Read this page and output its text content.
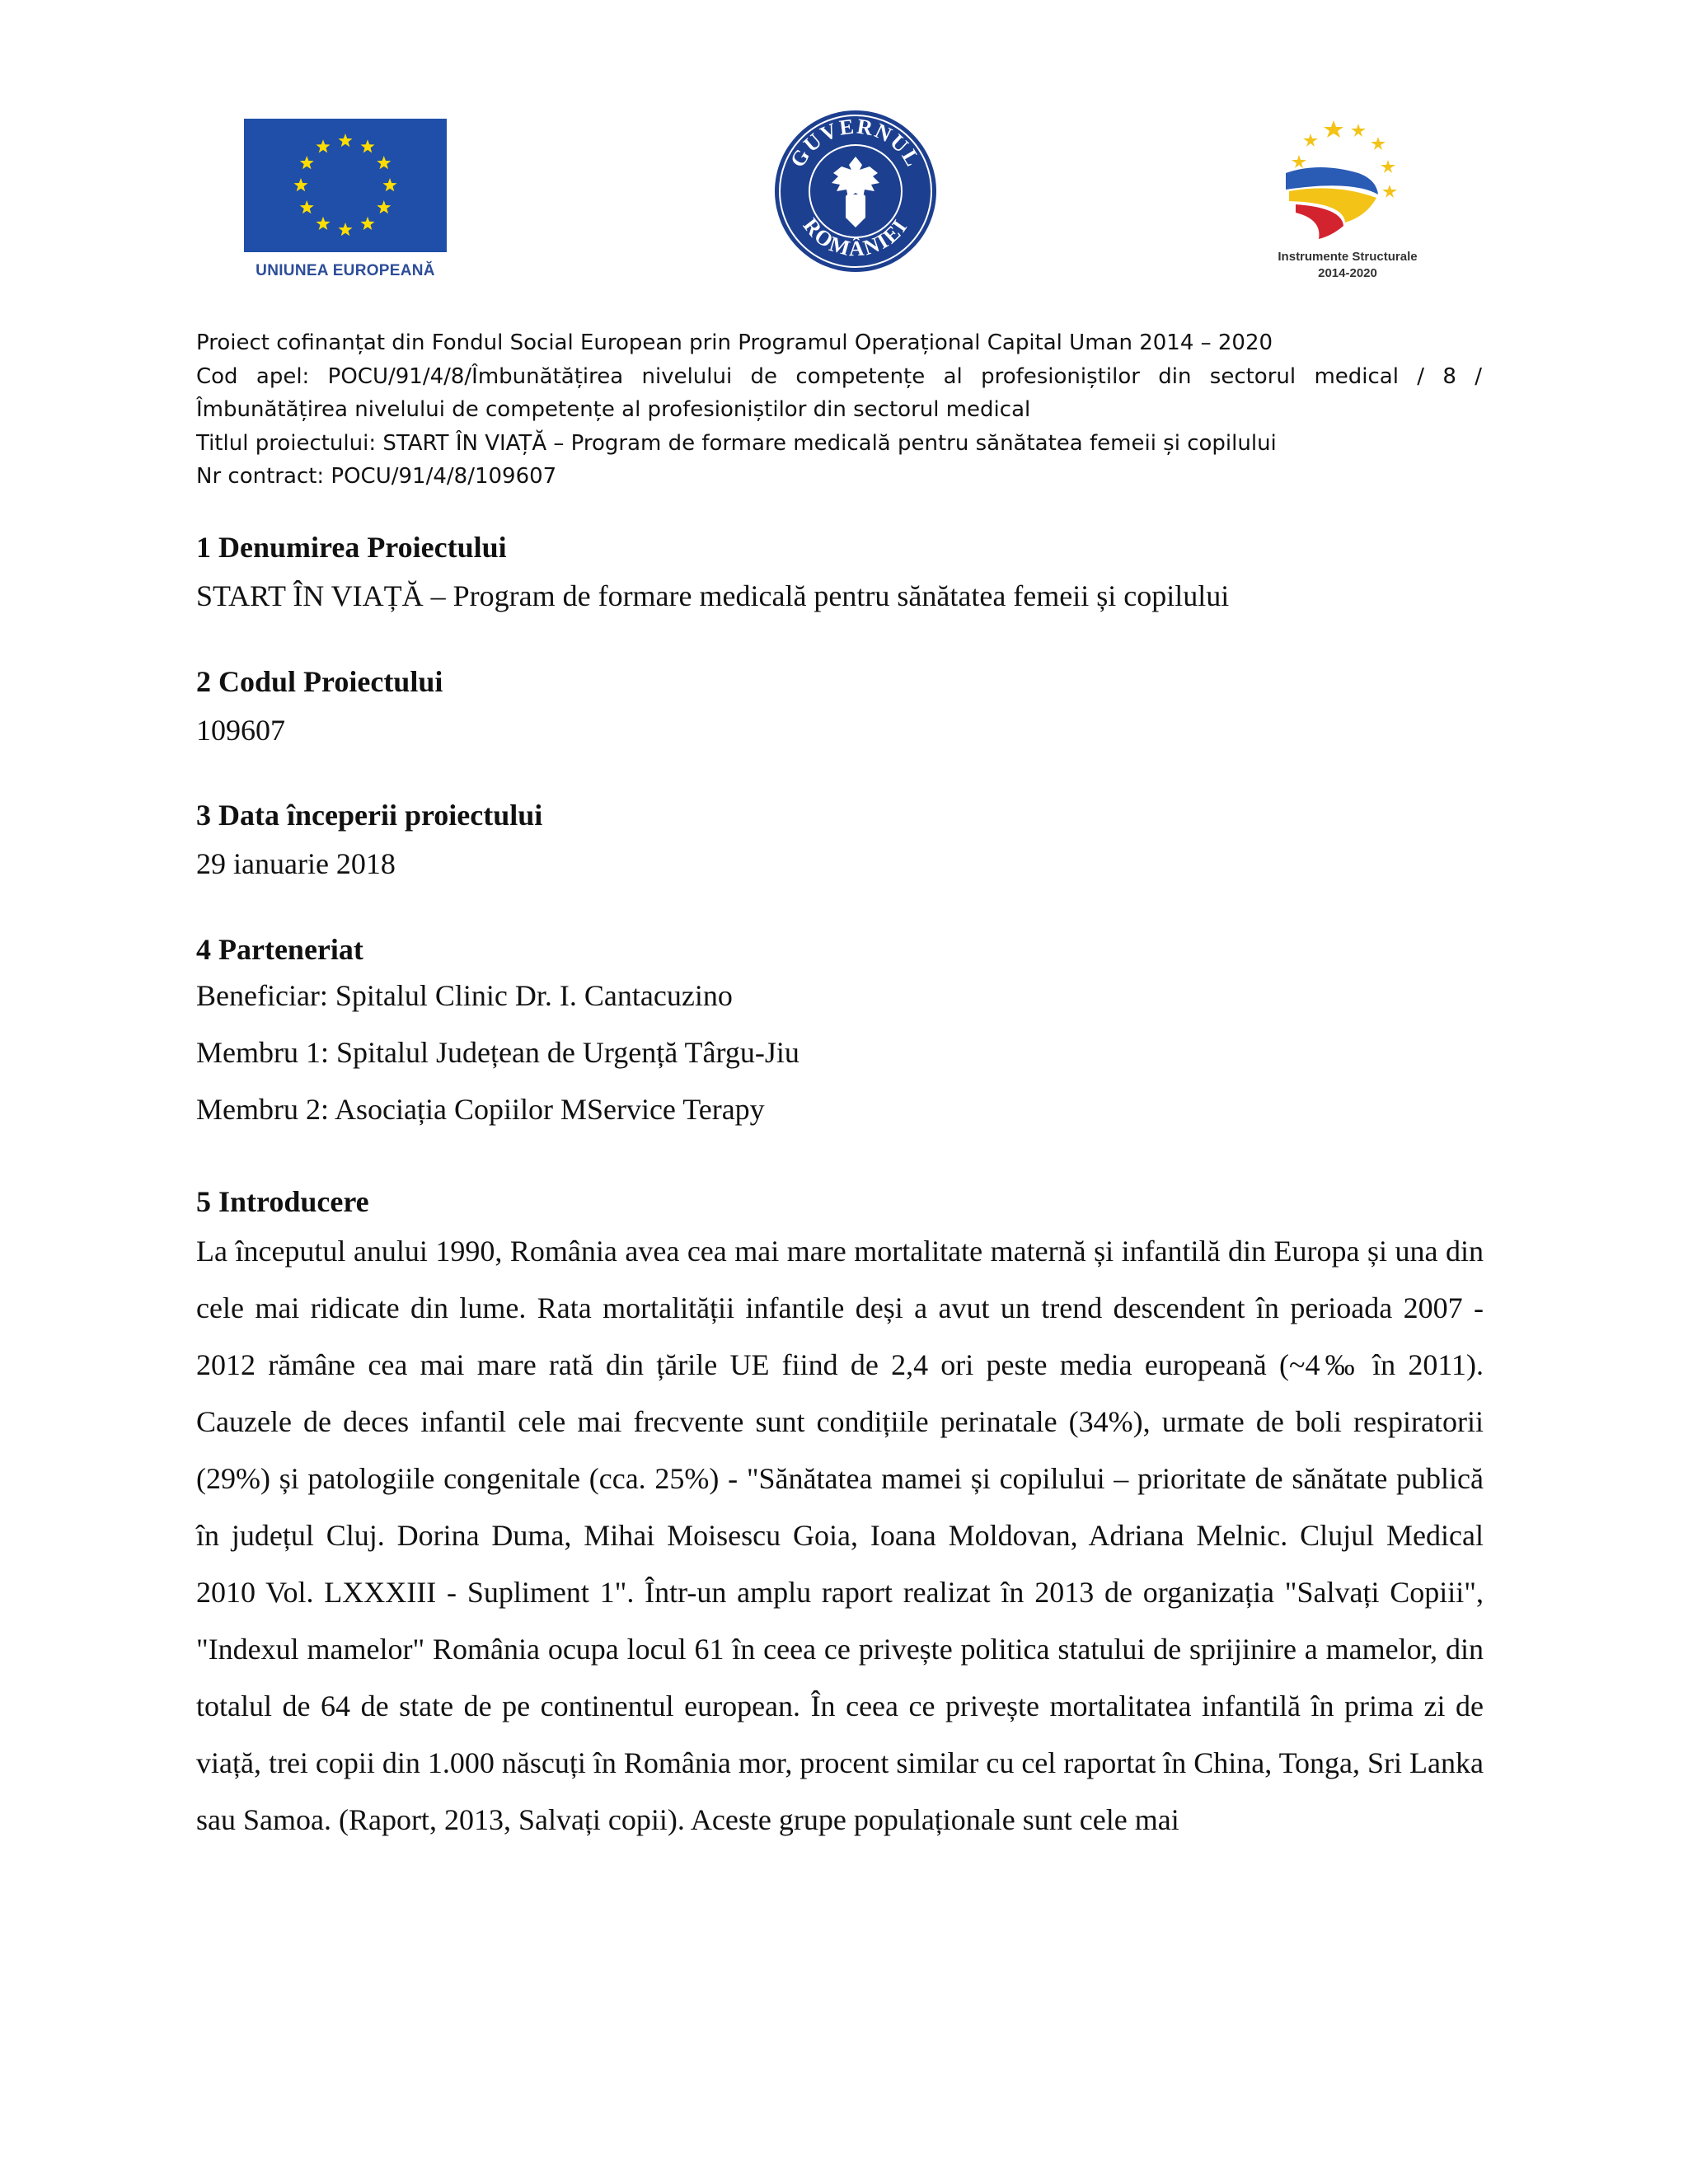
UNIUNEA EUROPEANĂ
GUVERNUL
ROMÂNIEI
Instrumente Structurale
2014-2020
Proiect cofinanțat din Fondul Social European prin Programul Operațional Capital Uman 2014 – 2020
Cod apel: POCU/91/4/8/Îmbunătățirea nivelului de competențe al profesioniștilor din sectorul medical / 8 /
Îmbunătățirea nivelului de competențe al profesioniștilor din sectorul medical
Titlul proiectului: START ÎN VIAȚĂ – Program de formare medicală pentru sănătatea femeii și copilului
Nr contract: POCU/91/4/8/109607
1 Denumirea Proiectului

START ÎN VIAȚĂ – Program de formare medicală pentru sănătatea femeii și copilului

2 Codul Proiectului

109607

3 Data începerii proiectului

29 ianuarie 2018

4 Parteneriat

Beneficiar: Spitalul Clinic Dr. I. Cantacuzino

Membru 1: Spitalul Județean de Urgență Târgu-Jiu

Membru 2: Asociația Copiilor MService Terapy

5 Introducere

La începutul anului 1990, România avea cea mai mare mortalitate maternă și infantilă din Europa și una din cele mai ridicate din lume. Rata mortalității infantile deși a avut un trend descendent în perioada 2007 - 2012 rămâne cea mai mare rată din țările UE fiind de 2,4 ori peste media europeană (~4‰ în 2011). Cauzele de deces infantil cele mai frecvente sunt condițiile perinatale (34%), urmate de boli respiratorii (29%) și patologiile congenitale (cca. 25%) - "Sănătatea mamei și copilului – prioritate de sănătate publică în județul Cluj. Dorina Duma, Mihai Moisescu Goia, Ioana Moldovan, Adriana Melnic. Clujul Medical 2010 Vol. LXXXIII - Supliment 1". Într-un amplu raport realizat în 2013 de organizația "Salvați Copiii", "Indexul mamelor" România ocupa locul 61 în ceea ce privește politica statului de sprijinire a mamelor, din totalul de 64 de state de pe continentul european. În ceea ce privește mortalitatea infantilă în prima zi de viață, trei copii din 1.000 născuți în România mor, procent similar cu cel raportat în China, Tonga, Sri Lanka sau Samoa. (Raport, 2013, Salvați copii). Aceste grupe populaționale sunt cele mai
